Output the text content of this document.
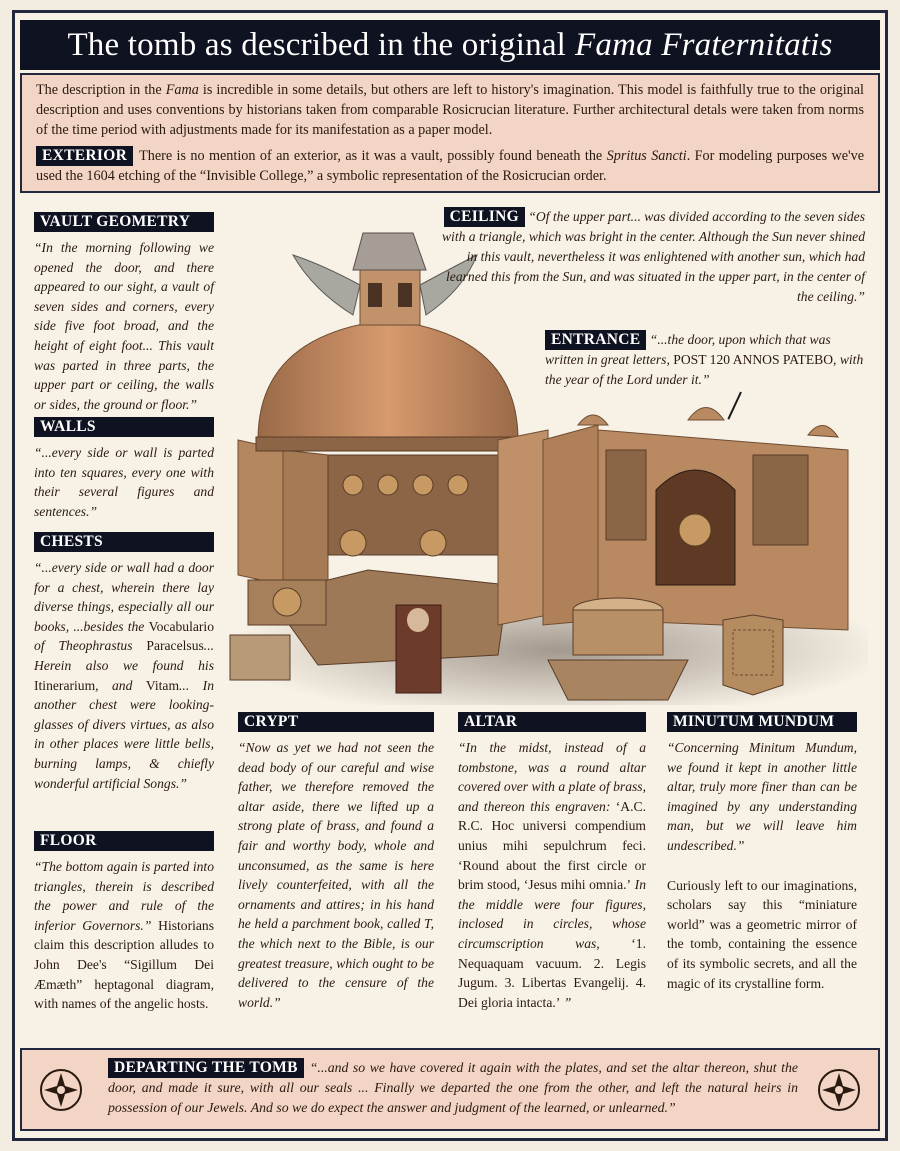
The tomb as described in the original Fama Fraternitatis

The description in the Fama is incredible in some details, but others are left to history's imagination. This model is faithfully true to the original description and uses conventions by historians taken from comparable Rosicrucian literature. Further architectural detals were taken from norms of the time period with adjustments made for its manifestation as a paper model.

EXTERIOR There is no mention of an exterior, as it was a vault, possibly found beneath the Spritus Sancti. For modeling purposes we've used the 1604 etching of the “Invisible College,” a symbolic representation of the Rosicrucian order.

VAULT GEOMETRY

“In the morning following we opened the door, and there appeared to our sight, a vault of seven sides and corners, every side five foot broad, and the height of eight foot... This vault was parted in three parts, the upper part or ceiling, the walls or sides, the ground or floor.”

WALLS

“...every side or wall is parted into ten squares, every one with their several figures and sentences.”

CHESTS

“...every side or wall had a door for a chest, wherein there lay diverse things, especially all our books, ...besides the Vocabulario of Theophrastus Paracelsus... Herein also we found his Itinerarium, and Vitam... In another chest were looking-glasses of divers virtues, as also in other places were little bells, burning lamps, & chiefly wonderful artificial Songs.”

FLOOR

“The bottom again is parted into triangles, therein is described the power and rule of the inferior Governors.” Historians claim this description alludes to John Dee's “Sigillum Dei Æmæth” heptagonal diagram, with names of the angelic hosts.

CEILING “Of the upper part... was divided according to the seven sides with a triangle, which was bright in the center. Although the Sun never shined in this vault, nevertheless it was enlightened with another sun, which had learned this from the Sun, and was situated in the upper part, in the center of the ceiling.”
ENTRANCE “...the door, upon which that was written in great letters, POST 120 ANNOS PATEBO, with the year of the Lord under it.”
CRYPT

“Now as yet we had not seen the dead body of our careful and wise father, we therefore removed the altar aside, there we lifted up a strong plate of brass, and found a fair and worthy body, whole and unconsumed, as the same is here lively counterfeited, with all the ornaments and attires; in his hand he held a parchment book, called T, the which next to the Bible, is our greatest treasure, which ought to be delivered to the censure of the world.”

ALTAR

“In the midst, instead of a tombstone, was a round altar covered over with a plate of brass, and thereon this engraven: ‘A.C. R.C. Hoc universi compendium unius mihi sepulchrum feci. ‘Round about the first circle or brim stood, ‘Jesus mihi omnia.’ In the middle were four figures, inclosed in circles, whose circumscription was, ‘1. Nequaquam vacuum. 2. Legis Jugum. 3. Libertas Evangelij. 4. Dei gloria intacta.’ ”

MINUTUM MUNDUM

“Concerning Minitum Mundum, we found it kept in another little altar, truly more finer than can be imagined by any understanding man, but we will leave him undescribed.”

Curiously left to our imaginations, scholars say this “miniature world” was a geometric mirror of the tomb, containing the essence of its symbolic secrets, and all the magic of its crystalline form.

DEPARTING THE TOMB “...and so we have covered it again with the plates, and set the altar thereon, shut the door, and made it sure, with all our seals ... Finally we departed the one from the other, and left the natural heirs in possession of our Jewels. And so we do expect the answer and judgment of the learned, or unlearned.”
